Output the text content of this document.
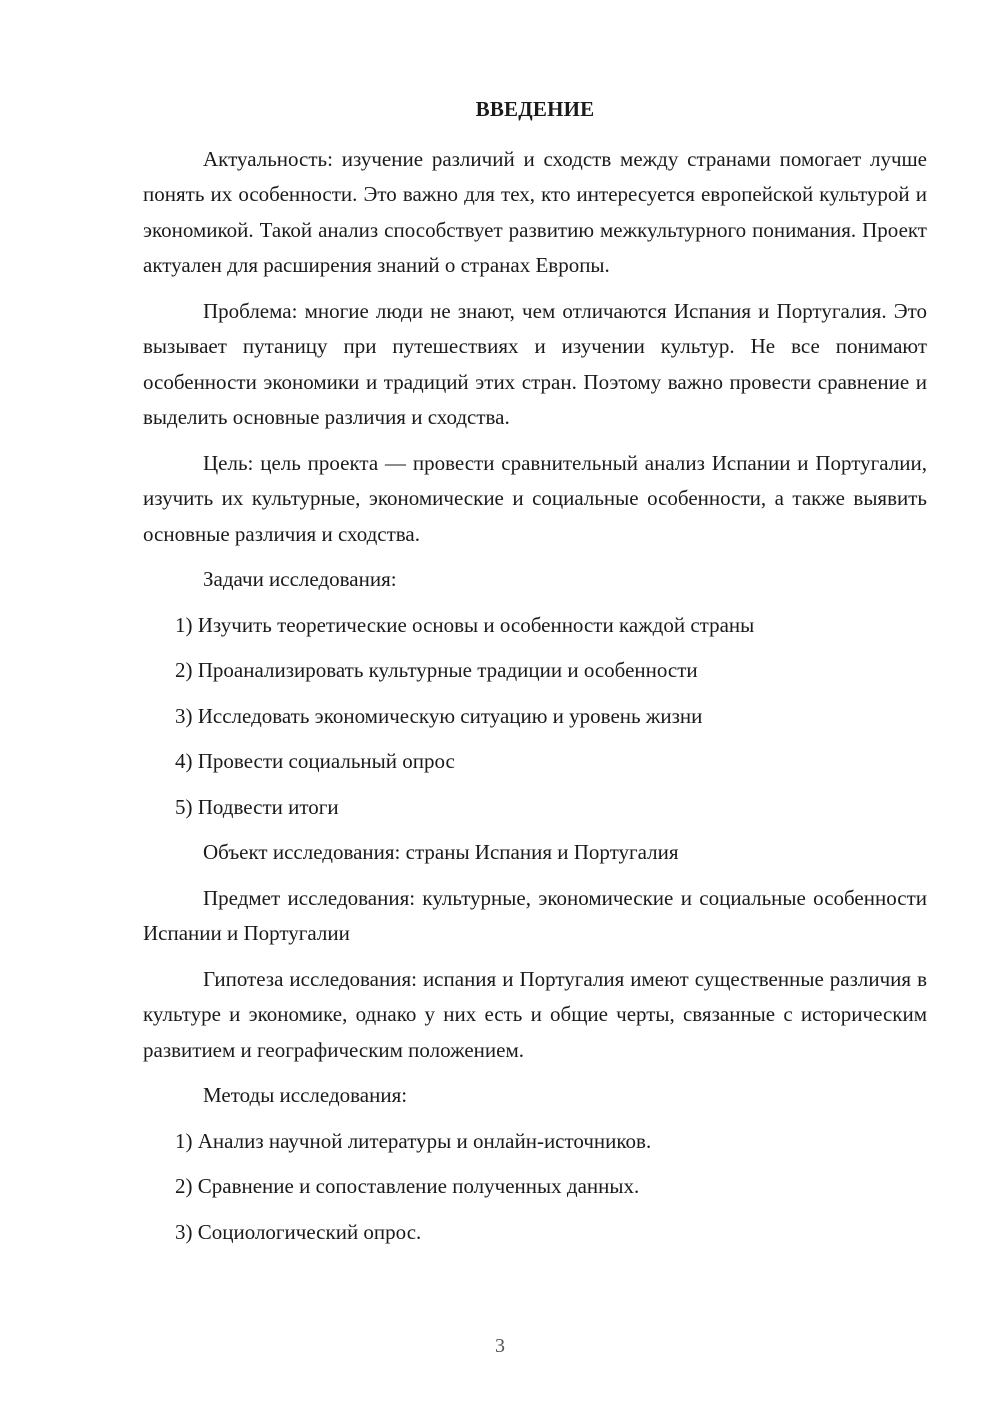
ВВЕДЕНИЕ

Актуальность: изучение различий и сходств между странами помогает лучше понять их особенности. Это важно для тех, кто интересуется европейской культурой и экономикой. Такой анализ способствует развитию межкультурного понимания. Проект актуален для расширения знаний о странах Европы.

Проблема: многие люди не знают, чем отличаются Испания и Португалия. Это вызывает путаницу при путешествиях и изучении культур. Не все понимают особенности экономики и традиций этих стран. Поэтому важно провести сравнение и выделить основные различия и сходства.

Цель: цель проекта — провести сравнительный анализ Испании и Португалии, изучить их культурные, экономические и социальные особенности, а также выявить основные различия и сходства.

Задачи исследования:

1) Изучить теоретические основы и особенности каждой страны

2) Проанализировать культурные традиции и особенности

3) Исследовать экономическую ситуацию и уровень жизни

4) Провести социальный опрос

5) Подвести итоги

Объект исследования: страны Испания и Португалия

Предмет исследования: культурные, экономические и социальные особенности Испании и Португалии

Гипотеза исследования: испания и Португалия имеют существенные различия в культуре и экономике, однако у них есть и общие черты, связанные с историческим развитием и географическим положением.

Методы исследования:

1) Анализ научной литературы и онлайн-источников.

2) Сравнение и сопоставление полученных данных.

3) Социологический опрос.

3
